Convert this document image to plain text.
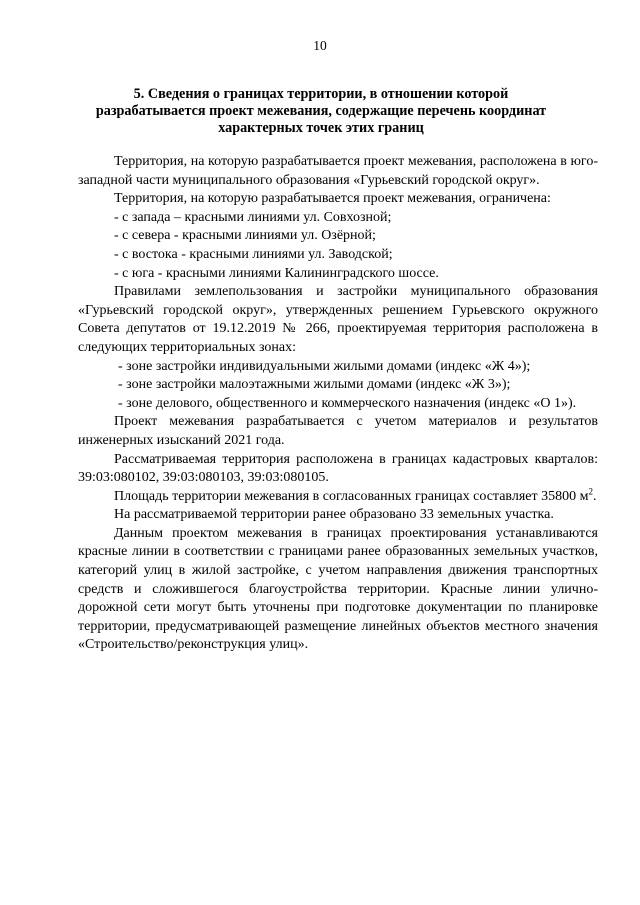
10
5. Сведения о границах территории, в отношении которой разрабатывается проект межевания, содержащие перечень координат характерных точек этих границ

Территория, на которую разрабатывается проект межевания, расположена в юго-западной части муниципального образования «Гурьевский городской округ».

Территория, на которую разрабатывается проект межевания, ограничена:

- с запада – красными линиями ул. Совхозной;

- с севера - красными линиями ул. Озёрной;

- с востока - красными линиями ул. Заводской;

- с юга - красными линиями Калининградского шоссе.

Правилами землепользования и застройки муниципального образования «Гурьевский городской округ», утвержденных решением Гурьевского окружного Совета депутатов от 19.12.2019 № 266, проектируемая территория расположена в следующих территориальных зонах:

- зоне застройки индивидуальными жилыми домами (индекс «Ж 4»);

- зоне застройки малоэтажными жилыми домами (индекс «Ж 3»);

- зоне делового, общественного и коммерческого назначения (индекс «О 1»).

Проект межевания разрабатывается с учетом материалов и результатов инженерных изысканий 2021 года.

Рассматриваемая территория расположена в границах кадастровых кварталов: 39:03:080102, 39:03:080103, 39:03:080105.

Площадь территории межевания в согласованных границах составляет 35800 $м^2$.

На рассматриваемой территории ранее образовано 33 земельных участка.

Данным проектом межевания в границах проектирования устанавливаются красные линии в соответствии с границами ранее образованных земельных участков, категорий улиц в жилой застройке, с учетом направления движения транспортных средств и сложившегося благоустройства территории. Красные линии улично-дорожной сети могут быть уточнены при подготовке документации по планировке территории, предусматривающей размещение линейных объектов местного значения «Строительство/реконструкция улиц».
